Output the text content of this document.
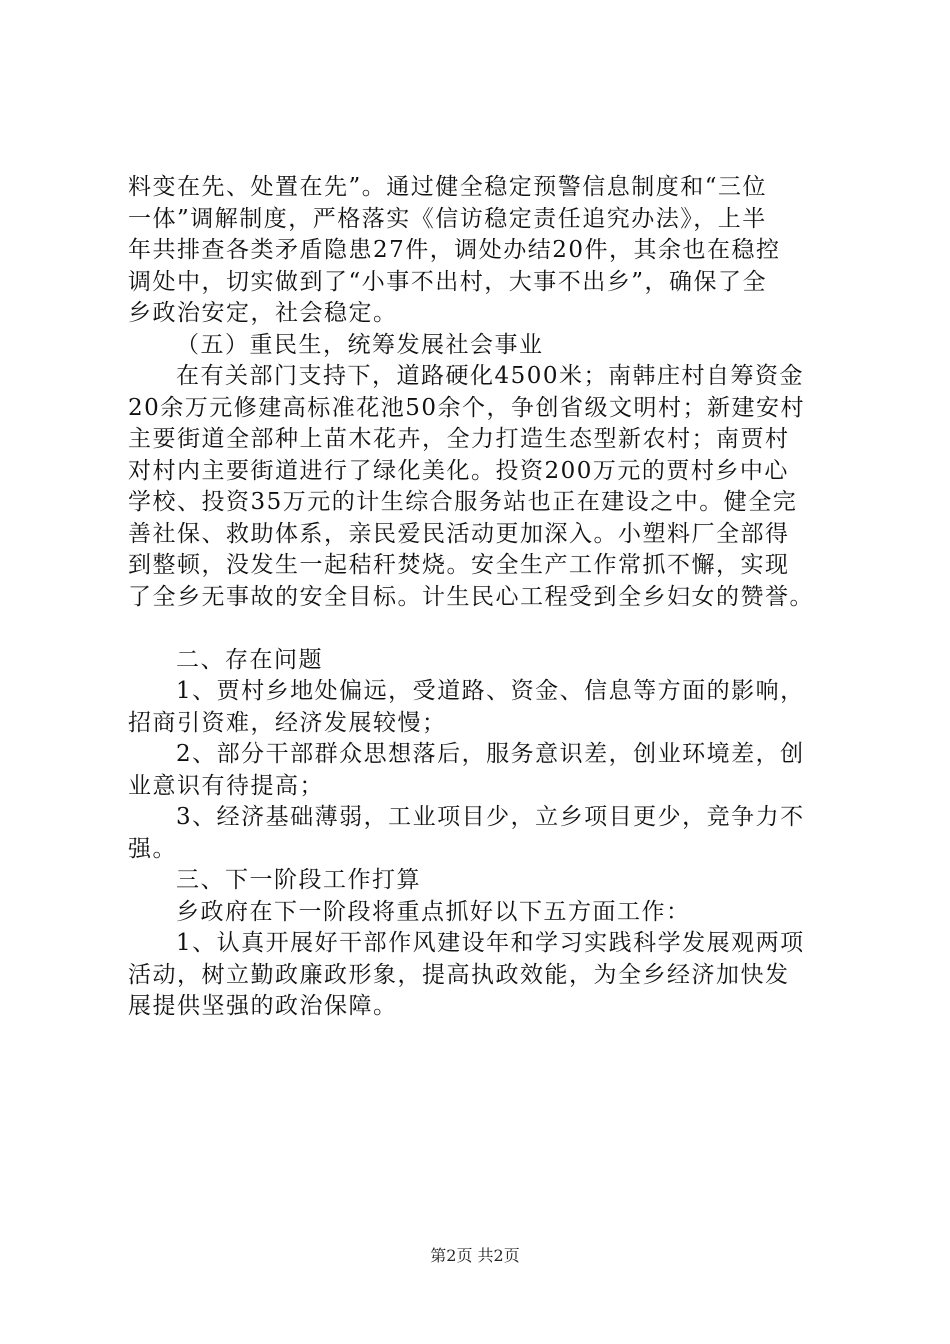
料变在先、处置在先”。通过健全稳定预警信息制度和“三位
一体”调解制度，严格落实《信访稳定责任追究办法》，上半
年共排查各类矛盾隐患27件，调处办结20件，其余也在稳控
调处中，切实做到了“小事不出村，大事不出乡”，确保了全
乡政治安定，社会稳定。
（五）重民生，统筹发展社会事业
在有关部门支持下，道路硬化4500米；南韩庄村自筹资金
20余万元修建高标准花池50余个，争创省级文明村；新建安村
主要街道全部种上苗木花卉，全力打造生态型新农村；南贾村
对村内主要街道进行了绿化美化。投资200万元的贾村乡中心
学校、投资35万元的计生综合服务站也正在建设之中。健全完
善社保、救助体系，亲民爱民活动更加深入。小塑料厂全部得
到整顿，没发生一起秸秆焚烧。安全生产工作常抓不懈，实现
了全乡无事故的安全目标。计生民心工程受到全乡妇女的赞誉。
二、存在问题
1、贾村乡地处偏远，受道路、资金、信息等方面的影响，
招商引资难，经济发展较慢；
2、部分干部群众思想落后，服务意识差，创业环境差，创
业意识有待提高；
3、经济基础薄弱，工业项目少，立乡项目更少，竞争力不
强。
三、下一阶段工作打算
乡政府在下一阶段将重点抓好以下五方面工作：
1、认真开展好干部作风建设年和学习实践科学发展观两项
活动，树立勤政廉政形象，提高执政效能，为全乡经济加快发
展提供坚强的政治保障。
第2页 共2页
